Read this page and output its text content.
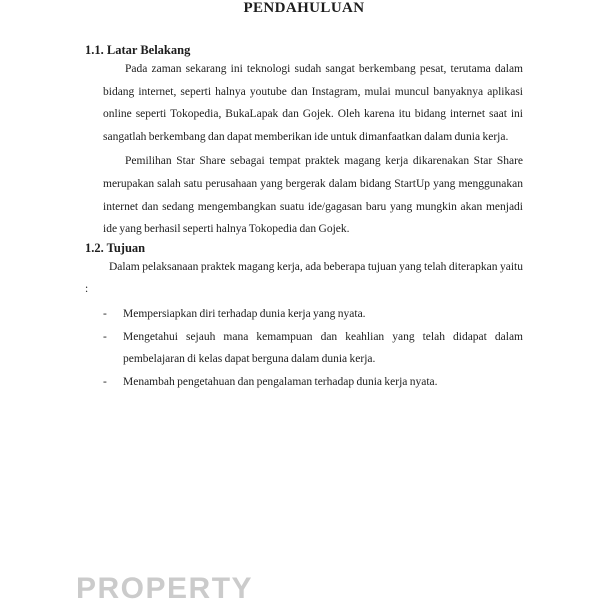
PENDAHULUAN
1.1. Latar Belakang

Pada zaman sekarang ini teknologi sudah sangat berkembang pesat, terutama dalam bidang internet, seperti halnya youtube dan Instagram, mulai muncul banyaknya aplikasi online seperti Tokopedia, BukaLapak dan Gojek. Oleh karena itu bidang internet saat ini sangatlah berkembang dan dapat memberikan ide untuk dimanfaatkan dalam dunia kerja.

Pemilihan Star Share sebagai tempat praktek magang kerja dikarenakan Star Share merupakan salah satu perusahaan yang bergerak dalam bidang StartUp yang menggunakan internet dan sedang mengembangkan suatu ide/gagasan baru yang mungkin akan menjadi ide yang berhasil seperti halnya Tokopedia dan Gojek.

1.2. Tujuan

Dalam pelaksanaan praktek magang kerja, ada beberapa tujuan yang telah diterapkan yaitu :

-	Mempersiapkan diri terhadap dunia kerja yang nyata.
-	Mengetahui sejauh mana kemampuan dan keahlian yang telah didapat dalam pembelajaran di kelas dapat berguna dalam dunia kerja.
-	Menambah pengetahuan dan pengalaman terhadap dunia kerja nyata.
PROPERTY
